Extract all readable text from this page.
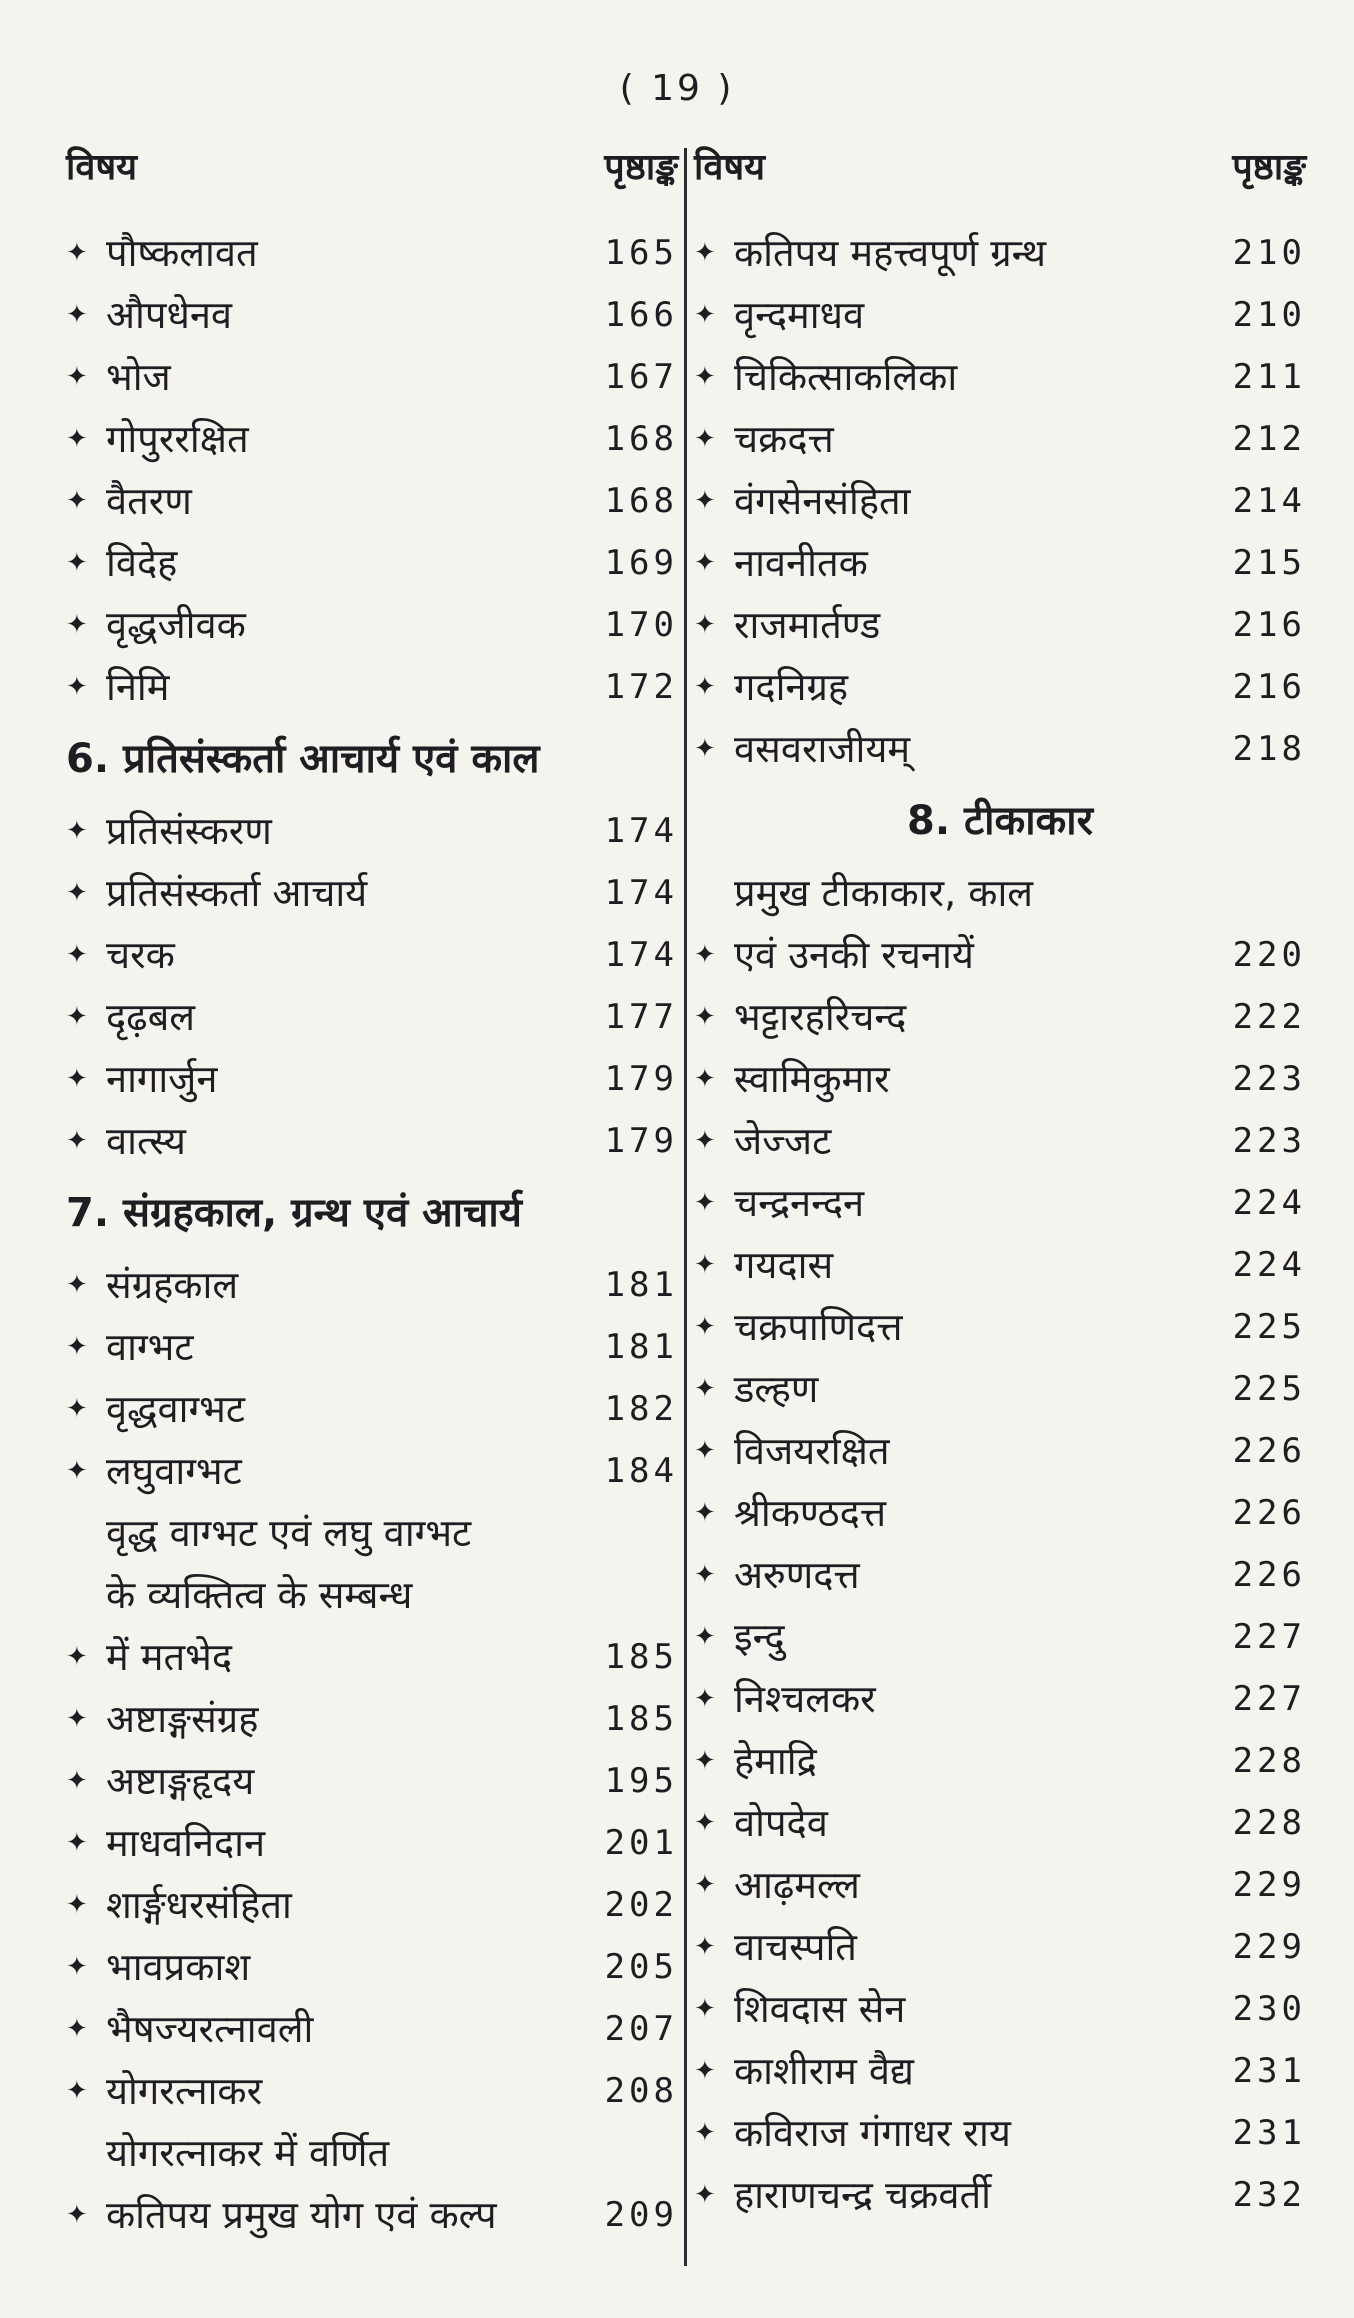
( 19 )
विषय	पृष्ठाङ्क
✦ पौष्कलावत	165
✦ औपधेनव	166
✦ भोज	167
✦ गोपुररक्षित	168
✦ वैतरण	168
✦ विदेह	169
✦ वृद्धजीवक	170
✦ निमि	172
6. प्रतिसंस्कर्ता आचार्य एवं काल
✦ प्रतिसंस्करण	174
✦ प्रतिसंस्कर्ता आचार्य	174
✦ चरक	174
✦ दृढ़बल	177
✦ नागार्जुन	179
✦ वात्स्य	179
7. संग्रहकाल, ग्रन्थ एवं आचार्य
✦ संग्रहकाल	181
✦ वाग्भट	181
✦ वृद्धवाग्भट	182
✦ लघुवाग्भट	184
✦
वृद्ध वाग्भट एवं लघु वाग्भट
के व्यक्तित्व के सम्बन्ध
में मतभेद	185
✦ अष्टाङ्गसंग्रह	185
✦ अष्टाङ्गहृदय	195
✦ माधवनिदान	201
✦ शार्ङ्गधरसंहिता	202
✦ भावप्रकाश	205
✦ भैषज्यरत्नावली	207
✦ योगरत्नाकर	208
✦
योगरत्नाकर में वर्णित
कतिपय प्रमुख योग एवं कल्प	209
विषय	पृष्ठाङ्क
✦ कतिपय महत्त्वपूर्ण ग्रन्थ	210
✦ वृन्दमाधव	210
✦ चिकित्साकलिका	211
✦ चक्रदत्त	212
✦ वंगसेनसंहिता	214
✦ नावनीतक	215
✦ राजमार्तण्ड	216
✦ गदनिग्रह	216
✦ वसवराजीयम्	218
8. टीकाकार
✦
प्रमुख टीकाकार, काल
एवं उनकी रचनायें	220
✦ भट्टारहरिचन्द	222
✦ स्वामिकुमार	223
✦ जेज्जट	223
✦ चन्द्रनन्दन	224
✦ गयदास	224
✦ चक्रपाणिदत्त	225
✦ डल्हण	225
✦ विजयरक्षित	226
✦ श्रीकण्ठदत्त	226
✦ अरुणदत्त	226
✦ इन्दु	227
✦ निश्चलकर	227
✦ हेमाद्रि	228
✦ वोपदेव	228
✦ आढ़मल्ल	229
✦ वाचस्पति	229
✦ शिवदास सेन	230
✦ काशीराम वैद्य	231
✦ कविराज गंगाधर राय	231
✦ हाराणचन्द्र चक्रवर्ती	232
